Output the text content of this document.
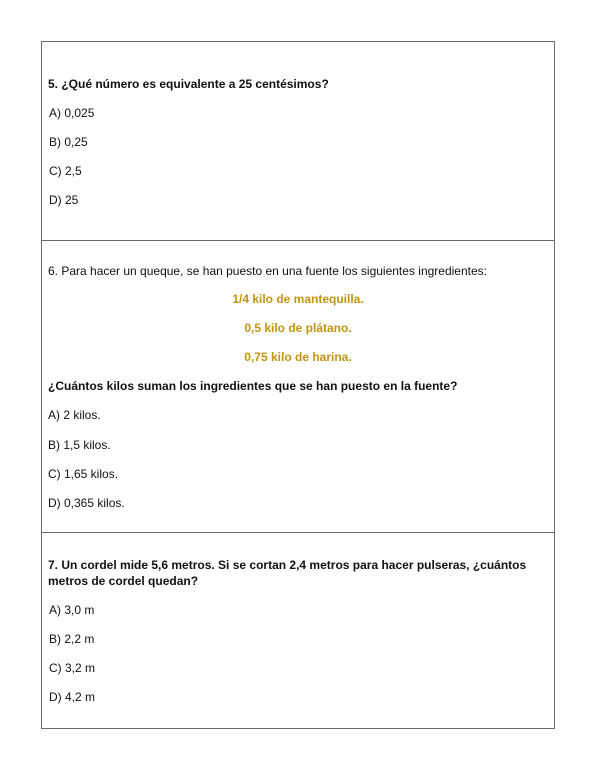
5. ¿Qué número es equivalente a 25 centésimos?
A) 0,025
B) 0,25
C) 2,5
D) 25
6. Para hacer un queque, se han puesto en una fuente los siguientes ingredientes:
1/4 kilo de mantequilla.
0,5 kilo de plátano.
0,75 kilo de harina.
¿Cuántos kilos suman los ingredientes que se han puesto en la fuente?
A) 2 kilos.
B) 1,5 kilos.
C) 1,65 kilos.
D) 0,365 kilos.
7. Un cordel mide 5,6 metros. Si se cortan 2,4 metros para hacer pulseras, ¿cuántos metros de cordel quedan?
A) 3,0 m
B) 2,2 m
C) 3,2 m
D) 4,2 m
